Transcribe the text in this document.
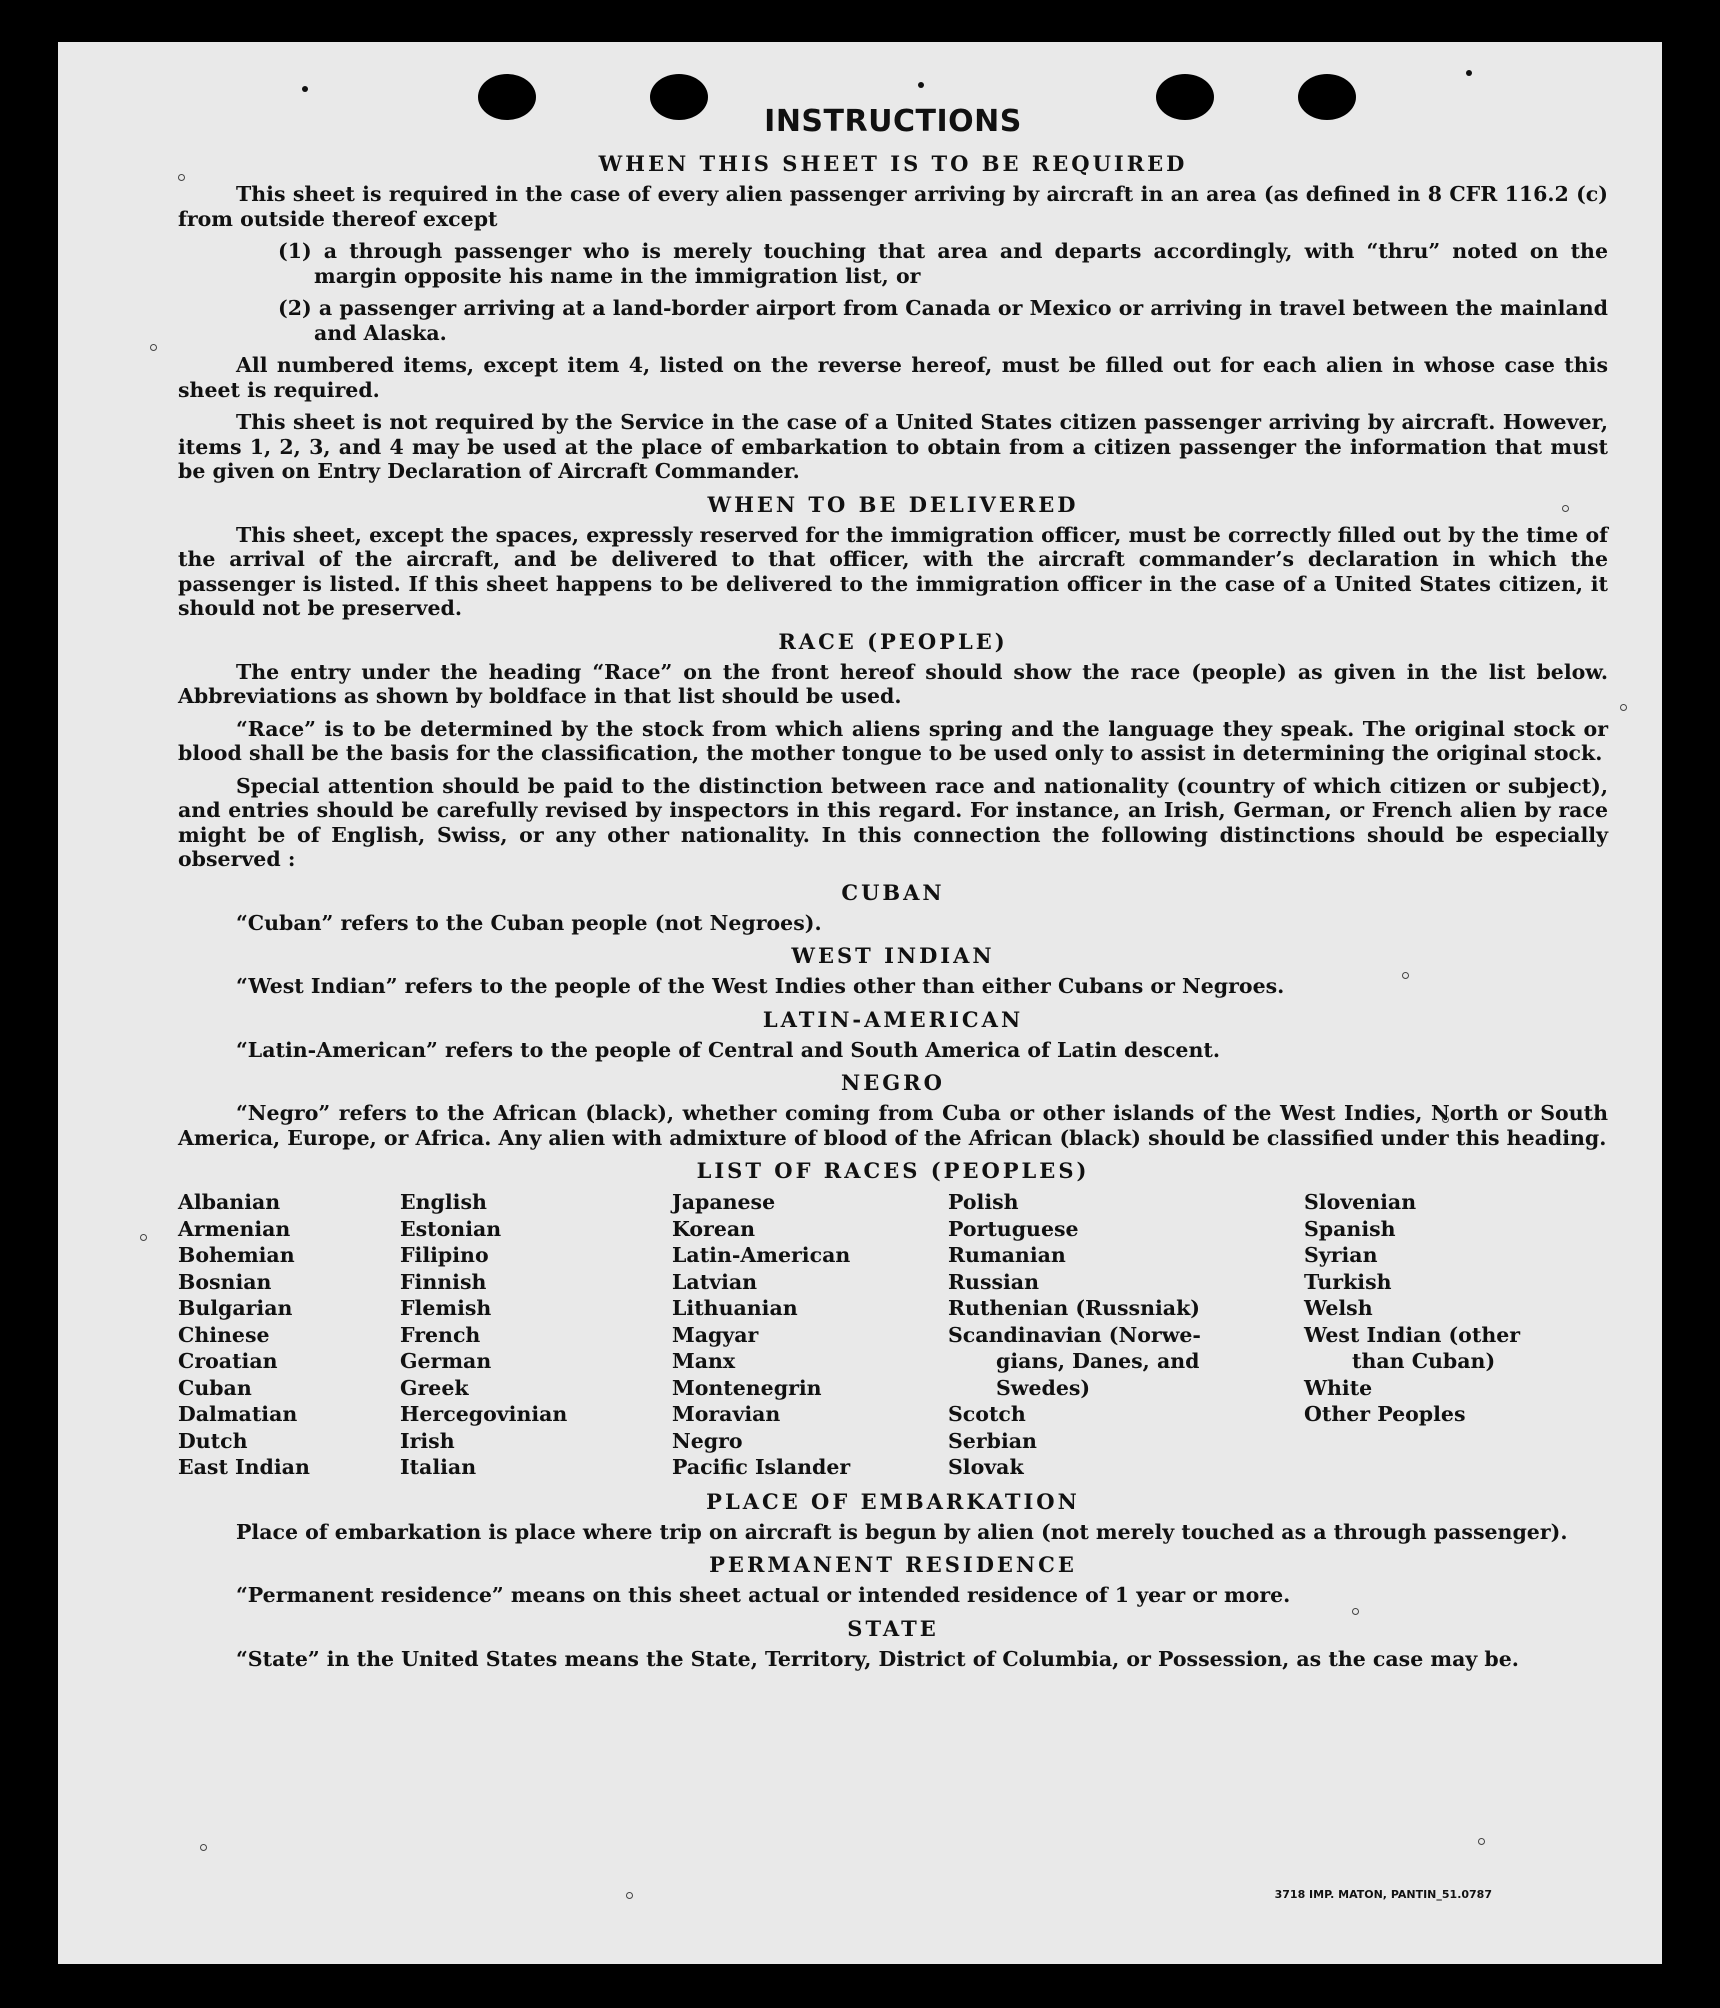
INSTRUCTIONS
WHEN THIS SHEET IS TO BE REQUIRED

This sheet is required in the case of every alien passenger arriving by aircraft in an area (as defined in 8 CFR 116.2 (c) from outside thereof except

(1) a through passenger who is merely touching that area and departs accordingly, with “thru” noted on the margin opposite his name in the immigration list, or

(2) a passenger arriving at a land-border airport from Canada or Mexico or arriving in travel between the mainland and Alaska.

All numbered items, except item 4, listed on the reverse hereof, must be filled out for each alien in whose case this sheet is required.

This sheet is not required by the Service in the case of a United States citizen passenger arriving by aircraft. However, items 1, 2, 3, and 4 may be used at the place of embarkation to obtain from a citizen passenger the information that must be given on Entry Declaration of Aircraft Commander.

WHEN TO BE DELIVERED

This sheet, except the spaces, expressly reserved for the immigration officer, must be correctly filled out by the time of the arrival of the aircraft, and be delivered to that officer, with the aircraft commander’s declaration in which the passenger is listed. If this sheet happens to be delivered to the immigration officer in the case of a United States citizen, it should not be preserved.

RACE (PEOPLE)

The entry under the heading “Race” on the front hereof should show the race (people) as given in the list below. Abbreviations as shown by boldface in that list should be used.

“Race” is to be determined by the stock from which aliens spring and the language they speak. The original stock or blood shall be the basis for the classification, the mother tongue to be used only to assist in determining the original stock.

Special attention should be paid to the distinction between race and nationality (country of which citizen or subject), and entries should be carefully revised by inspectors in this regard. For instance, an Irish, German, or French alien by race might be of English, Swiss, or any other nationality. In this connection the following distinctions should be especially observed :

CUBAN

“Cuban” refers to the Cuban people (not Negroes).

WEST INDIAN

“West Indian” refers to the people of the West Indies other than either Cubans or Negroes.

LATIN-AMERICAN

“Latin-American” refers to the people of Central and South America of Latin descent.

NEGRO

“Negro” refers to the African (black), whether coming from Cuba or other islands of the West Indies, North or South America, Europe, or Africa. Any alien with admixture of blood of the African (black) should be classified under this heading.

LIST OF RACES (PEOPLES)
Albanian
Armenian
Bohemian
Bosnian
Bulgarian
Chinese
Croatian
Cuban
Dalmatian
Dutch
East Indian
English
Estonian
Filipino
Finnish
Flemish
French
German
Greek
Hercegovinian
Irish
Italian
Japanese
Korean
Latin-American
Latvian
Lithuanian
Magyar
Manx
Montenegrin
Moravian
Negro
Pacific Islander
Polish
Portuguese
Rumanian
Russian
Ruthenian (Russniak)
Scandinavian (Norwe-
gians, Danes, and
Swedes)
Scotch
Serbian
Slovak
Slovenian
Spanish
Syrian
Turkish
Welsh
West Indian (other
than Cuban)
White
Other Peoples
PLACE OF EMBARKATION

Place of embarkation is place where trip on aircraft is begun by alien (not merely touched as a through passenger).

PERMANENT RESIDENCE

“Permanent residence” means on this sheet actual or intended residence of 1 year or more.

STATE

“State” in the United States means the State, Territory, District of Columbia, or Possession, as the case may be.

3718 IMP. MATON, PANTIN_51.0787
